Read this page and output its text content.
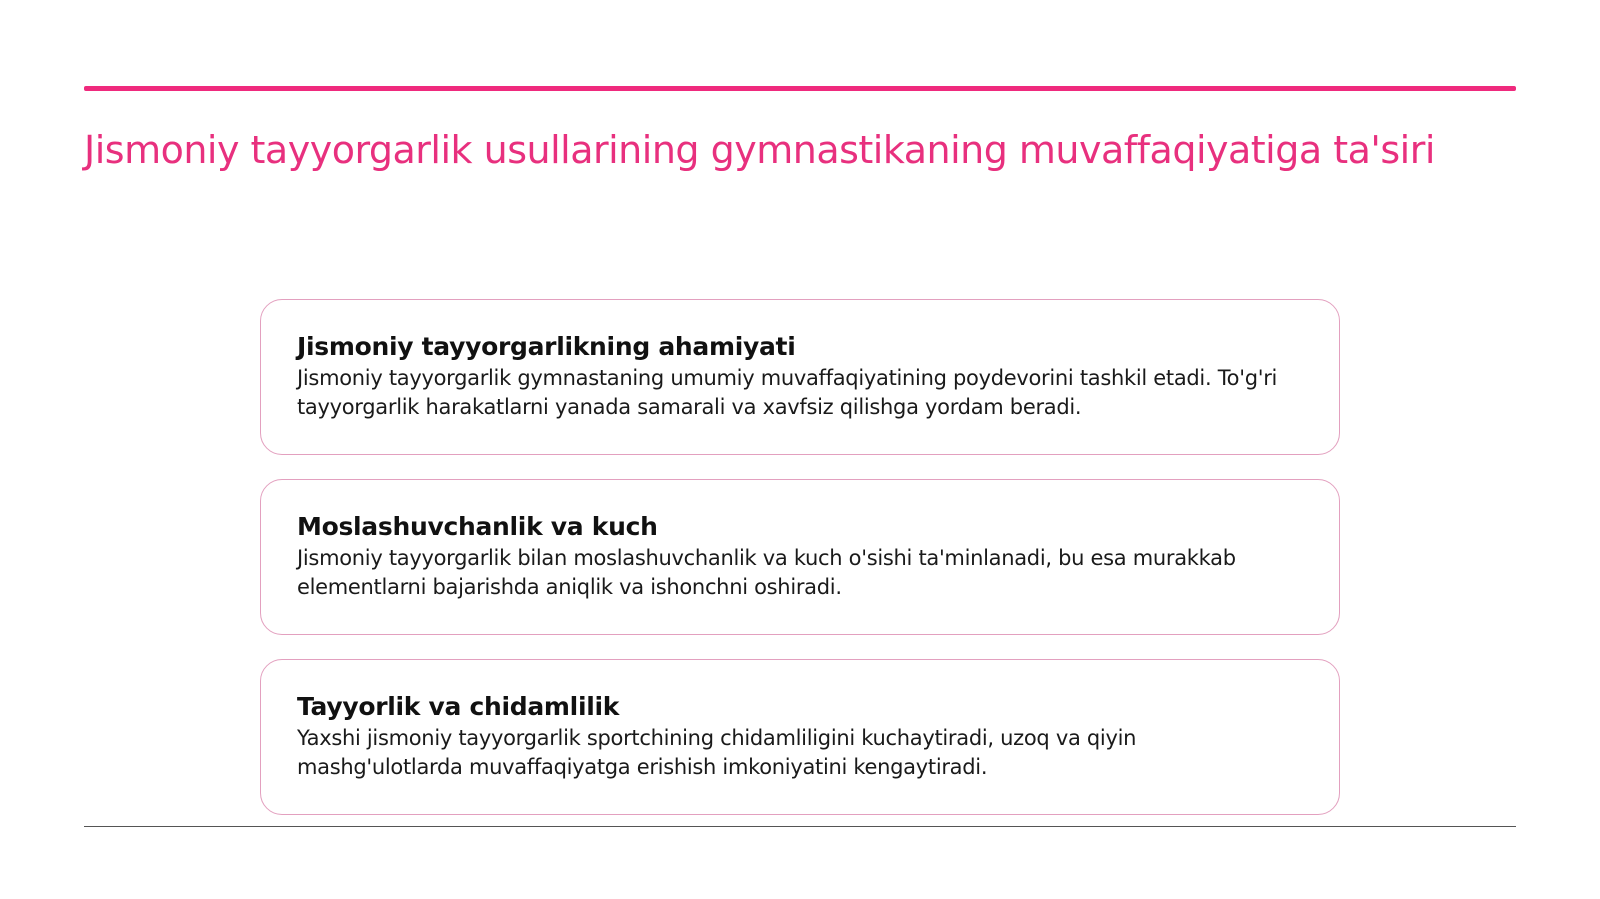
Jismoniy tayyorgarlik usullarining gymnastikaning muvaffaqiyatiga ta'siri
Jismoniy tayyorgarlikning ahamiyati

Jismoniy tayyorgarlik gymnastaning umumiy muvaffaqiyatining poydevorini tashkil etadi. To'g'ri tayyorgarlik harakatlarni yanada samarali va xavfsiz qilishga yordam beradi.

Moslashuvchanlik va kuch

Jismoniy tayyorgarlik bilan moslashuvchanlik va kuch o'sishi ta'minlanadi, bu esa murakkab elementlarni bajarishda aniqlik va ishonchni oshiradi.

Tayyorlik va chidamlilik

Yaxshi jismoniy tayyorgarlik sportchining chidamliligini kuchaytiradi, uzoq va qiyin mashg'ulotlarda muvaffaqiyatga erishish imkoniyatini kengaytiradi.
